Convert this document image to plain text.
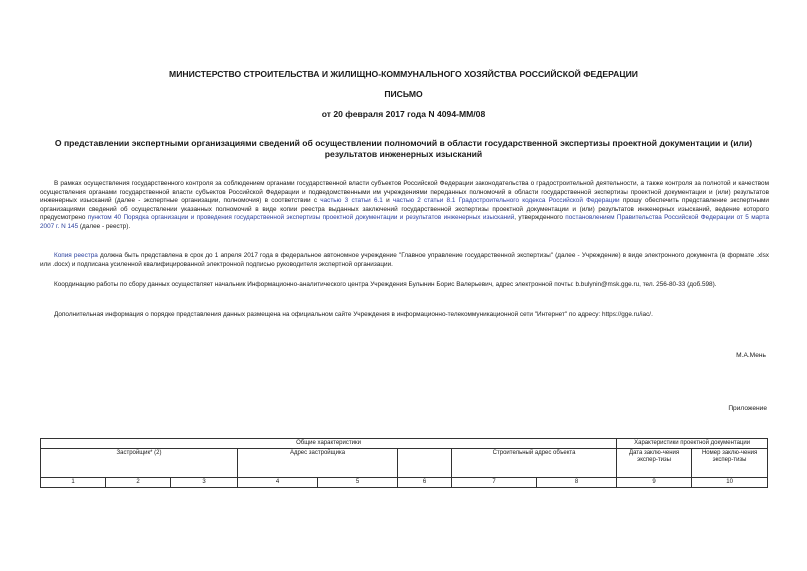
МИНИСТЕРСТВО СТРОИТЕЛЬСТВА И ЖИЛИЩНО-КОММУНАЛЬНОГО ХОЗЯЙСТВА РОССИЙСКОЙ ФЕДЕРАЦИИ
ПИСЬМО
от 20 февраля 2017 года N 4094-ММ/08
О представлении экспертными организациями сведений об осуществлении полномочий в области государственной экспертизы проектной документации и (или) результатов инженерных изысканий
В рамках осуществления государственного контроля за соблюдением органами государственной власти субъектов Российской Федерации законодательства о градостроительной деятельности, а также контроля за полнотой и качеством осуществления органами государственной власти субъектов Российской Федерации и подведомственными им учреждениями переданных полномочий в области государственной экспертизы проектной документации и (или) результатов инженерных изысканий (далее - экспертные организации, полномочия) в соответствии с частью 3 статьи 6.1 и частью 2 статьи 8.1 Градостроительного кодекса Российской Федерации прошу обеспечить представление экспертными организациями сведений об осуществлении указанных полномочий в виде копии реестра выданных заключений государственной экспертизы проектной документации и (или) результатов инженерных изысканий, ведение которого предусмотрено пунктом 40 Порядка организации и проведения государственной экспертизы проектной документации и результатов инженерных изысканий, утвержденного постановлением Правительства Российской Федерации от 5 марта 2007 г. N 145 (далее - реестр).
Копия реестра должна быть представлена в срок до 1 апреля 2017 года в федеральное автономное учреждение "Главное управление государственной экспертизы" (далее - Учреждение) в виде электронного документа (в формате .xlsx или .docx) и подписана усиленной квалифицированной электронной подписью руководителя экспертной организации.
Координацию работы по сбору данных осуществляет начальник Информационно-аналитического центра Учреждения Булынин Борис Валерьевич, адрес электронной почты: b.bulynin@msk.gge.ru, тел. 256-80-33 (доб.598).
Дополнительная информация о порядке представления данных размещена на официальном сайте Учреждения в информационно-телекоммуникационной сети "Интернет" по адресу: https://gge.ru/iac/.
М.А.Мень
Приложение
Общие характеристики								Характеристики проектной документации	
Застройщик* (2)			Адрес застройщика			Строительный адрес объекта		Дата заклю-чения экспер-тизы	Номер заклю-чения экспер-тизы
1	2	3	4	5	6	7	8	9	10
